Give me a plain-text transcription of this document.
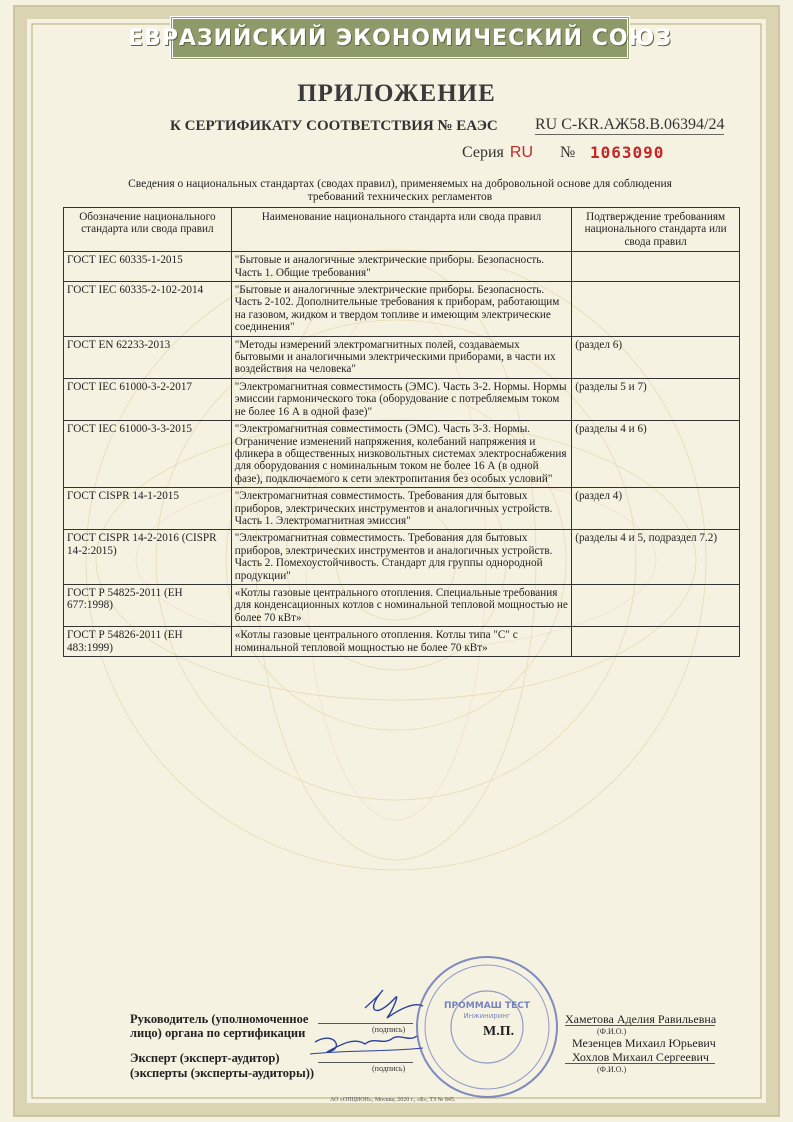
ЕВРАЗИЙСКИЙ ЭКОНОМИЧЕСКИЙ СОЮЗ
ПРИЛОЖЕНИЕ
К СЕРТИФИКАТУ СООТВЕТСТВИЯ № ЕАЭС RU C-KR.АЖ58.В.06394/24
Серия RU № 1063090
Сведения о национальных стандартах (сводах правил), применяемых на добровольной основе для соблюдения требований технических регламентов
Обозначение национального стандарта или свода правил	Наименование национального стандарта или свода правил	Подтверждение требованиям национального стандарта или свода правил
ГОСТ IEC 60335-1-2015	"Бытовые и аналогичные электрические приборы. Безопасность. Часть 1. Общие требования"	
ГОСТ IEC 60335-2-102-2014	"Бытовые и аналогичные электрические приборы. Безопасность. Часть 2-102. Дополнительные требования к приборам, работающим на газовом, жидком и твердом топливе и имеющим электрические соединения"	
ГОСТ EN 62233-2013	"Методы измерений электромагнитных полей, создаваемых бытовыми и аналогичными электрическими приборами, в части их воздействия на человека"	(раздел 6)
ГОСТ IEC 61000-3-2-2017	"Электромагнитная совместимость (ЭМС). Часть 3-2. Нормы. Нормы эмиссии гармонического тока (оборудование с потребляемым током не более 16 А в одной фазе)"	(разделы 5 и 7)
ГОСТ IEC 61000-3-3-2015	"Электромагнитная совместимость (ЭМС). Часть 3-3. Нормы. Ограничение изменений напряжения, колебаний напряжения и фликера в общественных низковольтных системах электроснабжения для оборудования с номинальным током не более 16 А (в одной фазе), подключаемого к сети электропитания без особых условий"	(разделы 4 и 6)
ГОСТ CISPR 14-1-2015	"Электромагнитная совместимость. Требования для бытовых приборов, электрических инструментов и аналогичных устройств. Часть 1. Электромагнитная эмиссия"	(раздел 4)
ГОСТ CISPR 14-2-2016 (CISPR 14-2:2015)	"Электромагнитная совместимость. Требования для бытовых приборов, электрических инструментов и аналогичных устройств. Часть 2. Помехоустойчивость. Стандарт для группы однородной продукции"	(разделы 4 и 5, подраздел 7.2)
ГОСТ Р 54825-2011 (ЕН 677:1998)	«Котлы газовые центрального отопления. Специальные требования для конденсационных котлов с номинальной тепловой мощностью не более 70 кВт»	
ГОСТ Р 54826-2011 (ЕН 483:1999)	«Котлы газовые центрального отопления. Котлы типа "С" с номинальной тепловой мощностью не более 70 кВт»	
Руководитель (уполномоченное
лицо) органа по сертификации
Эксперт (эксперт-аудитор)
(эксперты (эксперты-аудиторы))
(подпись)
(подпись)
М.П.
Хаметова Аделия Равильевна
(Ф.И.О.)
Мезенцев Михаил Юрьевич
Хохлов Михаил Сергеевич
(Ф.И.О.)
ПРОММАШ ТЕСТ
Инжиниринг
АО «ОПЦИОН», Москва, 2020 г., «Б», ТЗ № 845.
